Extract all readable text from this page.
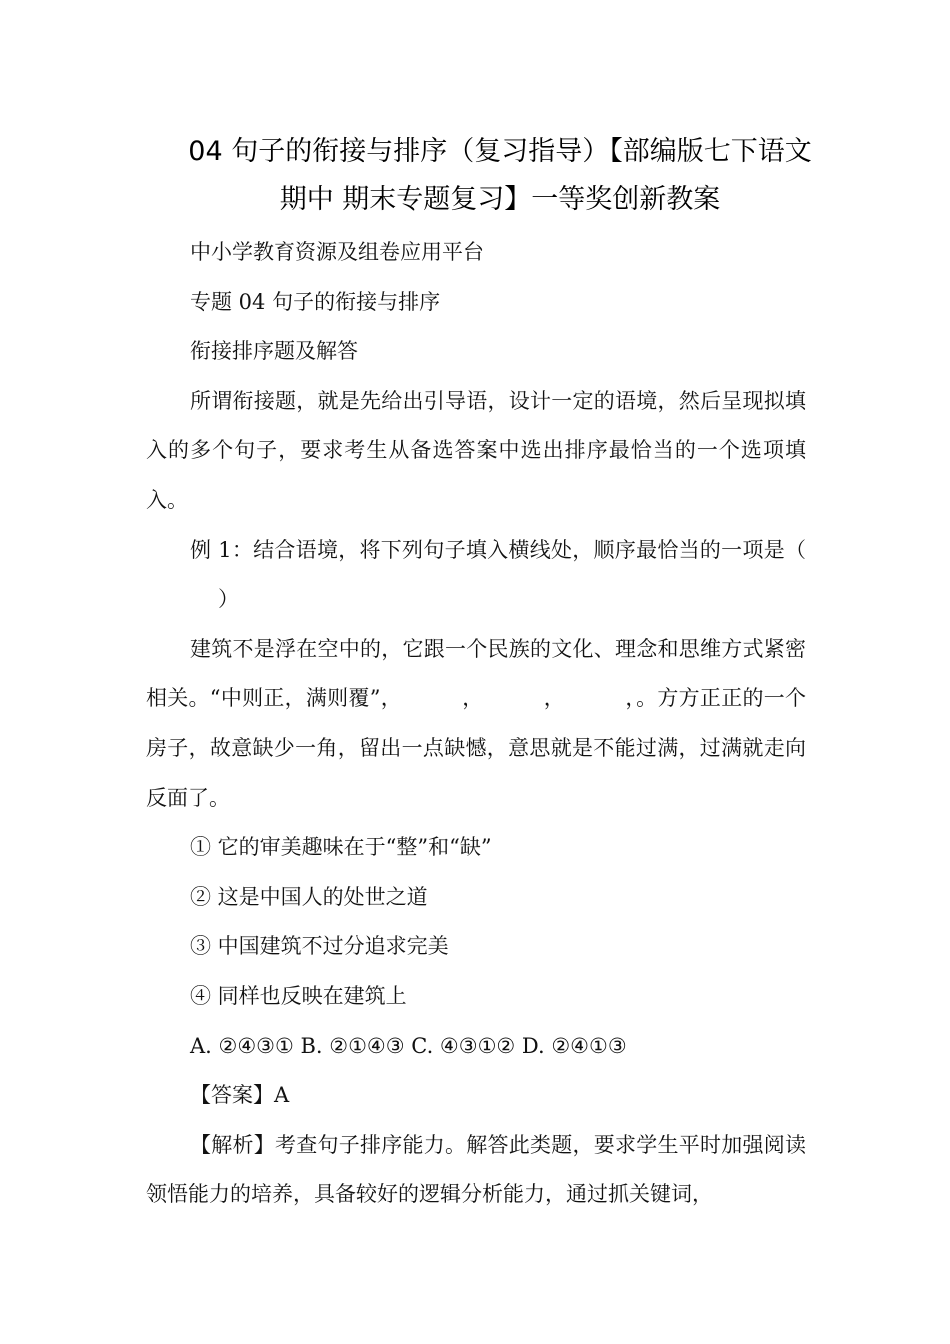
04 句子的衔接与排序（复习指导）【部编版七下语文
期中 期末专题复习】一等奖创新教案

中小学教育资源及组卷应用平台

专题 04 句子的衔接与排序

衔接排序题及解答

所谓衔接题，就是先给出引导语，设计一定的语境，然后呈现拟填入的多个句子，要求考生从备选答案中选出排序最恰当的一个选项填入。

例 1：结合语境，将下列句子填入横线处，顺序最恰当的一项是（）

建筑不是浮在空中的，它跟一个民族的文化、理念和思维方式紧密相关。“中则正，满则覆”，	，	，	，。方方正正的一个房子，故意缺少一角，留出一点缺憾，意思就是不能过满，过满就走向反面了。

① 它的审美趣味在于“整”和“缺”

② 这是中国人的处世之道

③ 中国建筑不过分追求完美

④ 同样也反映在建筑上

A. ②④③① B. ②①④③ C. ④③①② D. ②④①③

【答案】A

【解析】考查句子排序能力。解答此类题，要求学生平时加强阅读领悟能力的培养，具备较好的逻辑分析能力，通过抓关键词，
